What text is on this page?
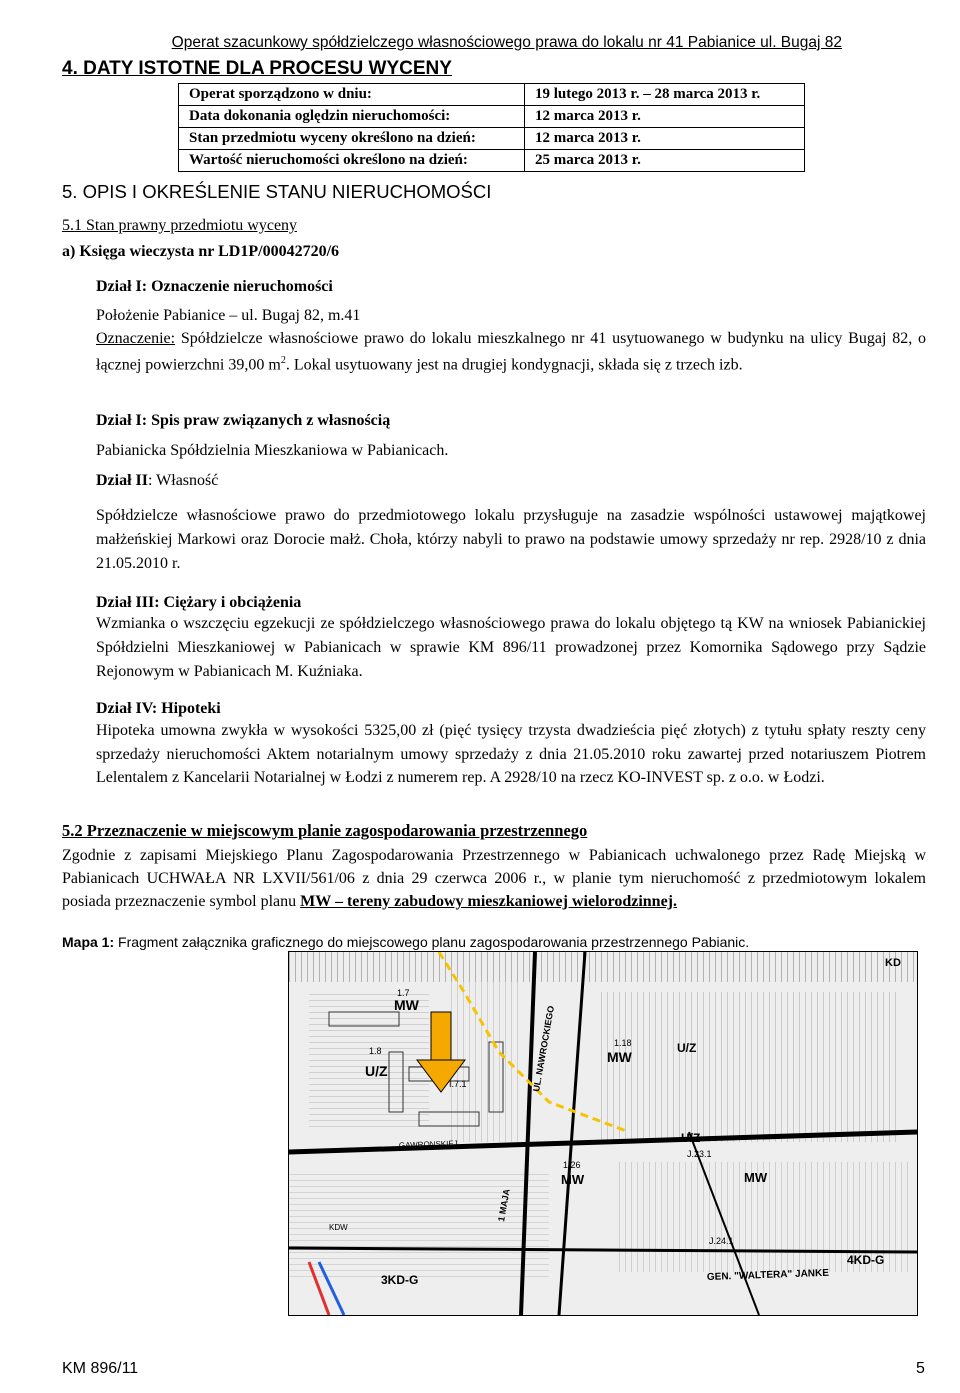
Operat szacunkowy spółdzielczego własnościowego prawa do lokalu nr 41 Pabianice ul. Bugaj 82
4. DATY ISTOTNE DLA PROCESU WYCENY
Operat sporządzono w dniu:	19 lutego 2013 r. – 28 marca 2013 r.
Data dokonania oględzin nieruchomości:	12 marca 2013 r.
Stan przedmiotu wyceny określono na dzień:	12 marca 2013 r.
Wartość nieruchomości określono na dzień:	25 marca 2013 r.
5. OPIS I OKREŚLENIE STANU NIERUCHOMOŚCI
5.1 Stan prawny przedmiotu wyceny
a) Księga wieczysta nr LD1P/00042720/6
Dział I: Oznaczenie nieruchomości
Położenie Pabianice – ul. Bugaj 82, m.41
Oznaczenie: Spółdzielcze własnościowe prawo do lokalu mieszkalnego nr 41 usytuowanego w budynku na ulicy Bugaj 82, o łącznej powierzchni 39,00 $m^2$. Lokal usytuowany jest na drugiej kondygnacji, składa się z trzech izb.
Dział I: Spis praw związanych z własnością
Pabianicka Spółdzielnia Mieszkaniowa w Pabianicach.
Dział II: Własność
Spółdzielcze własnościowe prawo do przedmiotowego lokalu przysługuje na zasadzie wspólności ustawowej majątkowej małżeńskiej Markowi oraz Dorocie małż. Choła, którzy nabyli to prawo na podstawie umowy sprzedaży nr rep. 2928/10 z dnia 21.05.2010 r.
Dział III: Ciężary i obciążenia
Wzmianka o wszczęciu egzekucji ze spółdzielczego własnościowego prawa do lokalu objętego tą KW na wniosek Pabianickiej Spółdzielni Mieszkaniowej w Pabianicach w sprawie KM 896/11 prowadzonej przez Komornika Sądowego przy Sądzie Rejonowym w Pabianicach M. Kuźniaka.
Dział IV: Hipoteki
Hipoteka umowna zwykła w wysokości 5325,00 zł (pięć tysięcy trzysta dwadzieścia pięć złotych) z tytułu spłaty reszty ceny sprzedaży nieruchomości Aktem notarialnym umowy sprzedaży z dnia 21.05.2010 roku zawartej przed notariuszem Piotrem Lelentalem z Kancelarii Notarialnej w Łodzi z numerem rep. A 2928/10 na rzecz KO-INVEST sp. z o.o. w Łodzi.
5.2 Przeznaczenie w miejscowym planie zagospodarowania przestrzennego
Zgodnie z zapisami Miejskiego Planu Zagospodarowania Przestrzennego w Pabianicach uchwalonego przez Radę Miejską w Pabianicach UCHWAŁA NR LXVII/561/06 z dnia 29 czerwca 2006 r., w planie tym nieruchomość z przedmiotowym lokalem posiada przeznaczenie symbol planu MW – tereny zabudowy mieszkaniowej wielorodzinnej.
Mapa 1: Fragment załącznika graficznego do miejscowego planu zagospodarowania przestrzennego Pabianic.
MW
1.7
1.8
U/Z
I.7.1
MW
1.18	U/Z
U/Z
MW
1.26
J.23.1
J.24.1
MW
4KD-G
3KD-G
KD
UL. NAWROCKIEGO
GEN. "WALTERA" JANKE
1 MAJA
GAWRONSKIEJ
KDW
KM 896/11	5
